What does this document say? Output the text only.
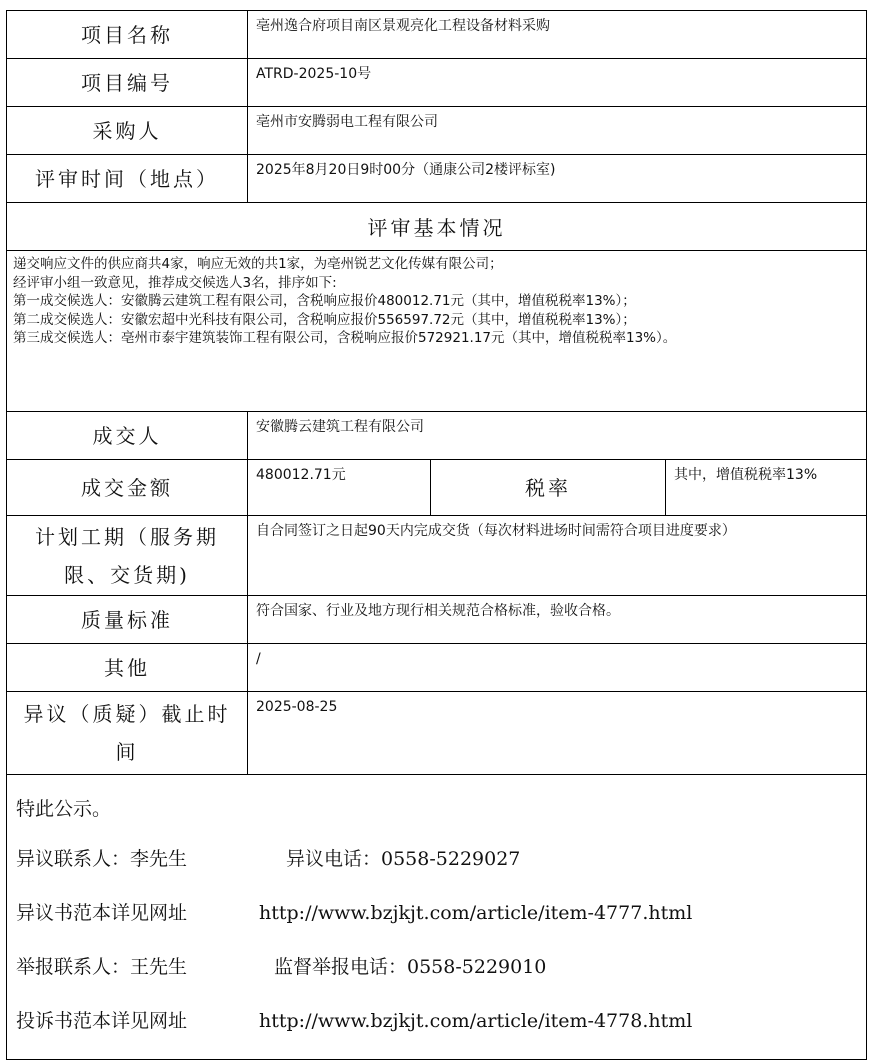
项目名称	亳州逸合府项目南区景观亮化工程设备材料采购		
项目编号	ATRD-2025-10号		
采购人	亳州市安腾弱电工程有限公司		
评审时间（地点）	2025年8月20日9时00分（通康公司2楼评标室)		
评审基本情况			

递交响应文件的供应商共4家，响应无效的共1家，为亳州锐艺文化传媒有限公司；
经评审小组一致意见，推荐成交候选人3名，排序如下:
第一成交候选人：安徽腾云建筑工程有限公司，含税响应报价480012.71元（其中，增值税税率13%）；
第二成交候选人：安徽宏超中光科技有限公司，含税响应报价556597.72元（其中，增值税税率13%）；
第三成交候选人：亳州市泰宇建筑装饰工程有限公司，含税响应报价572921.17元（其中，增值税税率13%）。			

成交人	安徽腾云建筑工程有限公司		
成交金额	480012.71元	税率	其中，增值税税率13%

计划工期（服务期
限、交货期)	自合同签订之日起90天内完成交货（每次材料进场时间需符合项目进度要求）		
质量标准	符合国家、行业及地方现行相关规范合格标准，验收合格。		
其他	/		

异议（质疑）截止时
间	2025-08-25		

特此公示。
异议联系人：李先生 异议电话：0558-5229027
异议书范本详见网址 http://www.bzjkjt.com/article/item-4777.html
举报联系人：王先生 监督举报电话：0558-5229010
投诉书范本详见网址 http://www.bzjkjt.com/article/item-4778.html			
